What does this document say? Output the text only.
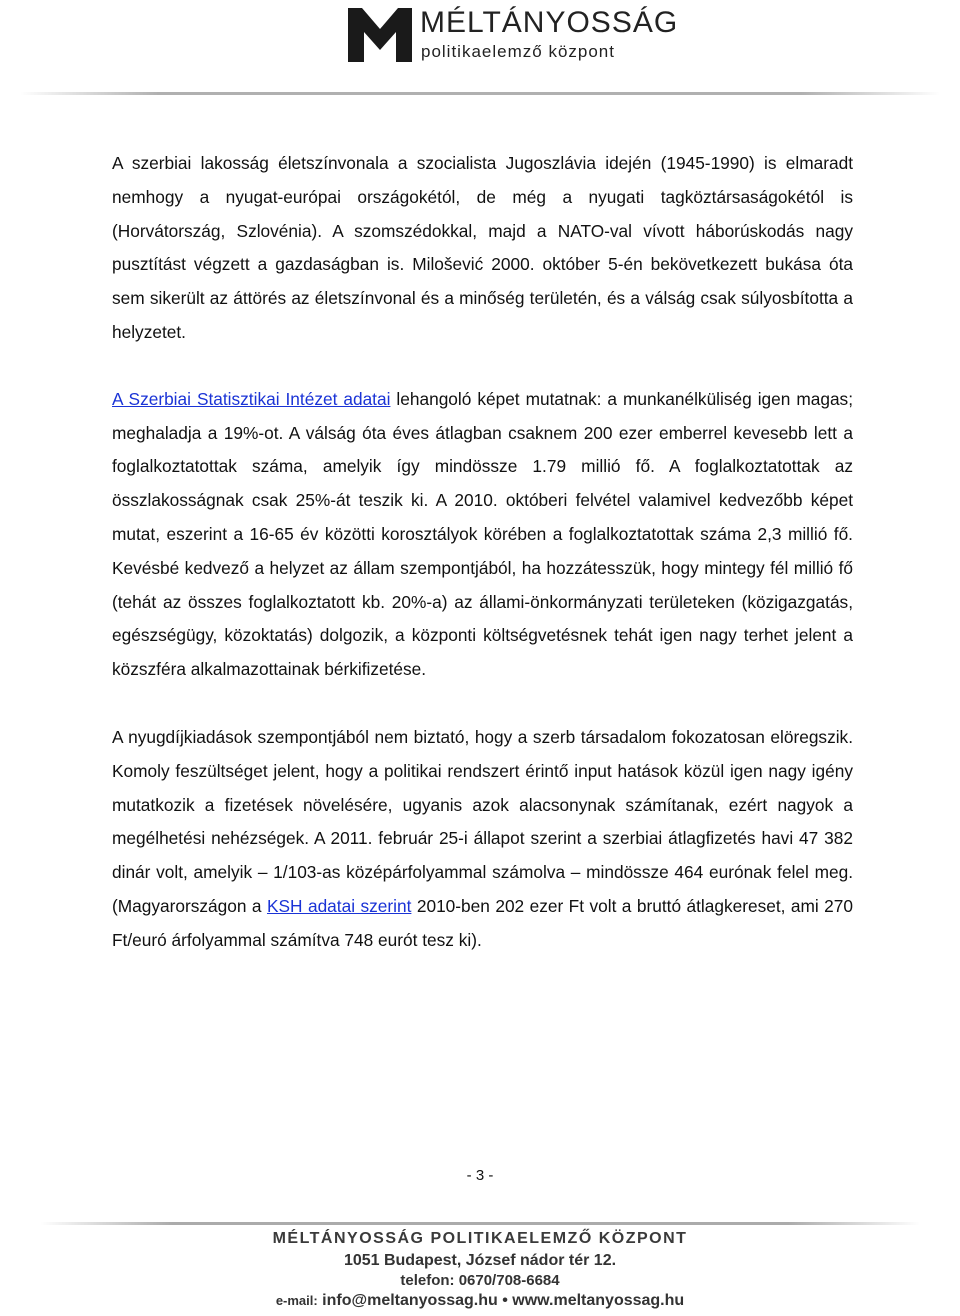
MÉLTÁNYOSSÁG
politikaelemző központ

A szerbiai lakosság életszínvonala a szocialista Jugoszlávia idején (1945-1990) is elmaradt nemhogy a nyugat-európai országokétól, de még a nyugati tagköztársaságokétól is (Horvátország, Szlovénia). A szomszédokkal, majd a NATO-val vívott háborúskodás nagy pusztítást végzett a gazdaságban is. Milošević 2000. október 5-én bekövetkezett bukása óta sem sikerült az áttörés az életszínvonal és a minőség területén, és a válság csak súlyosbította a helyzetet.

A Szerbiai Statisztikai Intézet adatai lehangoló képet mutatnak: a munkanélküliség igen magas; meghaladja a 19%-ot. A válság óta éves átlagban csaknem 200 ezer emberrel kevesebb lett a foglalkoztatottak száma, amelyik így mindössze 1.79 millió fő. A foglalkoztatottak az összlakosságnak csak 25%-át teszik ki. A 2010. októberi felvétel valamivel kedvezőbb képet mutat, eszerint a 16-65 év közötti korosztályok körében a foglalkoztatottak száma 2,3 millió fő. Kevésbé kedvező a helyzet az állam szempontjából, ha hozzátesszük, hogy mintegy fél millió fő (tehát az összes foglalkoztatott kb. 20%-a) az állami-önkormányzati területeken (közigazgatás, egészségügy, közoktatás) dolgozik, a központi költségvetésnek tehát igen nagy terhet jelent a közszféra alkalmazottainak bérkifizetése.

A nyugdíjkiadások szempontjából nem biztató, hogy a szerb társadalom fokozatosan elöregszik. Komoly feszültséget jelent, hogy a politikai rendszert érintő input hatások közül igen nagy igény mutatkozik a fizetések növelésére, ugyanis azok alacsonynak számítanak, ezért nagyok a megélhetési nehézségek. A 2011. február 25-i állapot szerint a szerbiai átlagfizetés havi 47 382 dinár volt, amelyik – 1/103-as középárfolyammal számolva – mindössze 464 eurónak felel meg. (Magyarországon a KSH adatai szerint 2010-ben 202 ezer Ft volt a bruttó átlagkereset, ami 270 Ft/euró árfolyammal számítva 748 eurót tesz ki).

- 3 -
MÉLTÁNYOSSÁG POLITIKAELEMZŐ KÖZPONT
1051 Budapest, József nádor tér 12.
telefon: 0670/708-6684
e-mail: info@meltanyossag.hu • www.meltanyossag.hu
